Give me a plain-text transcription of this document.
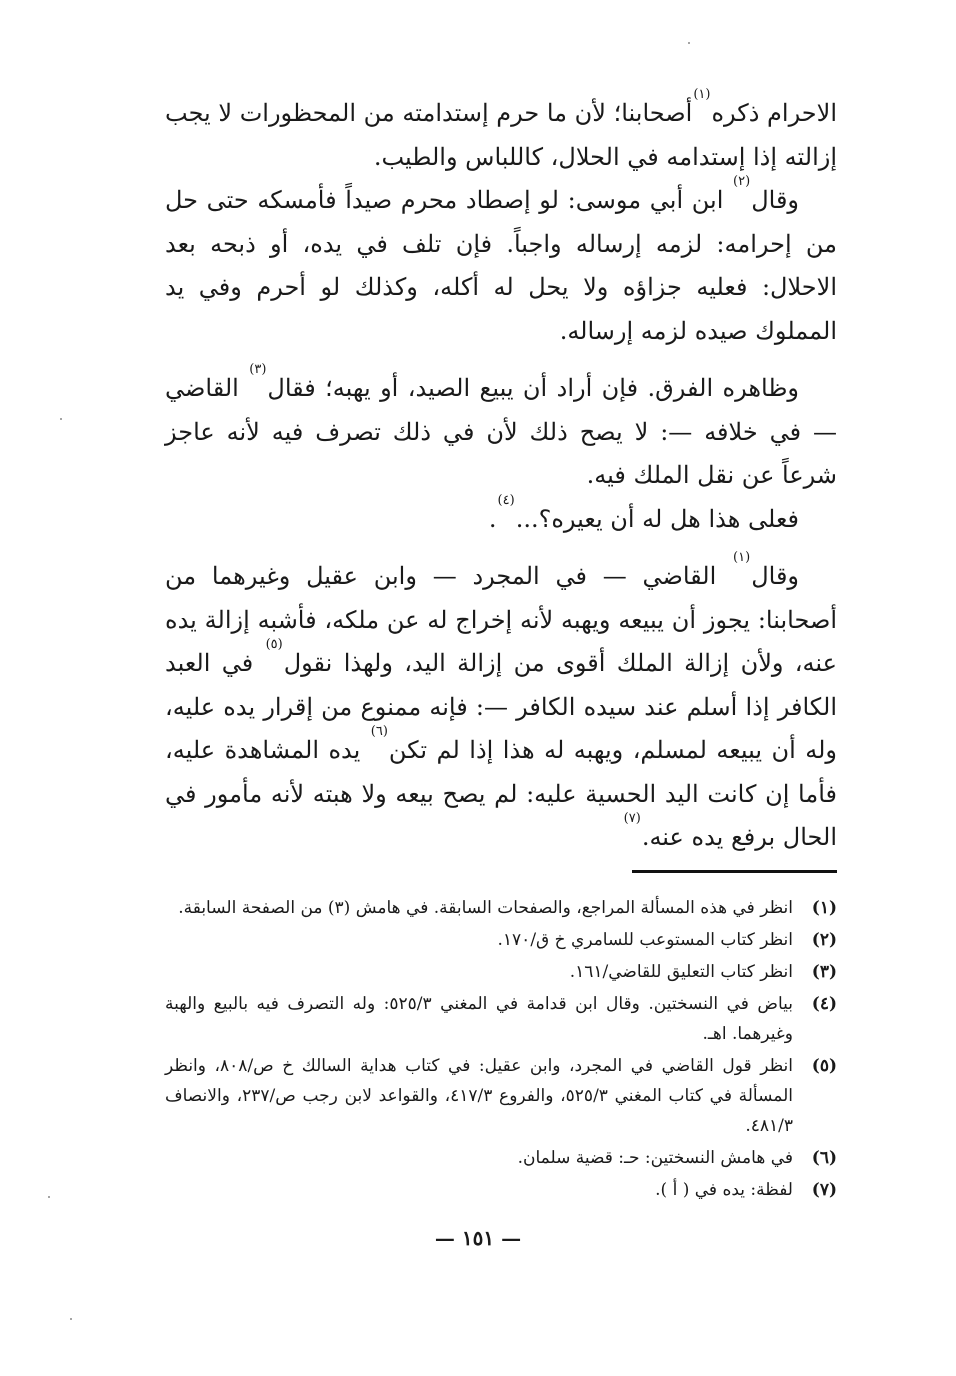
الاحرام ذكره$^{(١)}$أصحابنا؛ لأن ما حرم إستدامته من المحظورات لا يجب إزالته إذا إستدامه في الحلال، كاللباس والطيب.

وقال$^{(٢)}$ ابن أبي موسى: لو إصطاد محرم صيداً فأمسكه حتى حل من إحرامه: لزمه إرساله واجباً. فإن تلف في يده، أو ذبحه بعد الاحلال: فعليه جزاؤه ولا يحل له أكله، وكذلك لو أحرم وفي يد المملوك صيده لزمه إرساله.

وظاهره الفرق. فإن أراد أن يبيع الصيد، أو يهبه؛ فقال$^{(٣)}$ القاضي — في خلافه —: لا يصح ذلك لأن في ذلك تصرف فيه لأنه عاجز شرعاً عن نقل الملك فيه.

فعلى هذا هل له أن يعيره؟...$^{(٤)}$.

وقال$^{(١)}$ القاضي — في المجرد — وابن عقيل وغيرهما من أصحابنا: يجوز أن يبيعه ويهبه لأنه إخراج له عن ملكه، فأشبه إزالة يده عنه، ولأن إزالة الملك أقوى من إزالة اليد، ولهذا نقول$^{(٥)}$ في العبد الكافر إذا أسلم عند سيده الكافر —: فإنه ممنوع من إقرار يده عليه، وله أن يبيعه لمسلم، ويهبه له هذا إذا لم تكن$^{(٦)}$ يده المشاهدة عليه، فأما إن كانت اليد الحسية عليه: لم يصح بيعه ولا هبته لأنه مأمور في الحال برفع يده عنه.$^{(٧)}$

(١)
انظر في هذه المسألة المراجع، والصفحات السابقة. في هامش (٣) من الصفحة السابقة.
(٢)
انظر كتاب المستوعب للسامري خ ق/١٧٠.
(٣)
انظر كتاب التعليق للقاضي/١٦١.
(٤)
بياض في النسختين. وقال ابن قدامة في المغني ٥٢٥/٣: وله التصرف فيه بالبيع والهبة وغيرهما. اهـ.
(٥)
انظر قول القاضي في المجرد، وابن عقيل: في كتاب هداية السالك خ ص/٨٠٨، وانظر المسألة في كتاب المغني ٥٢٥/٣، والفروع ٤١٧/٣، والقواعد لابن رجب ص/٢٣٧، والانصاف ٤٨١/٣.
(٦)
في هامش النسختين: حـ: قضية سلمان.
(٧)
لفظة: يده في ( أ ).
— ١٥١ —
